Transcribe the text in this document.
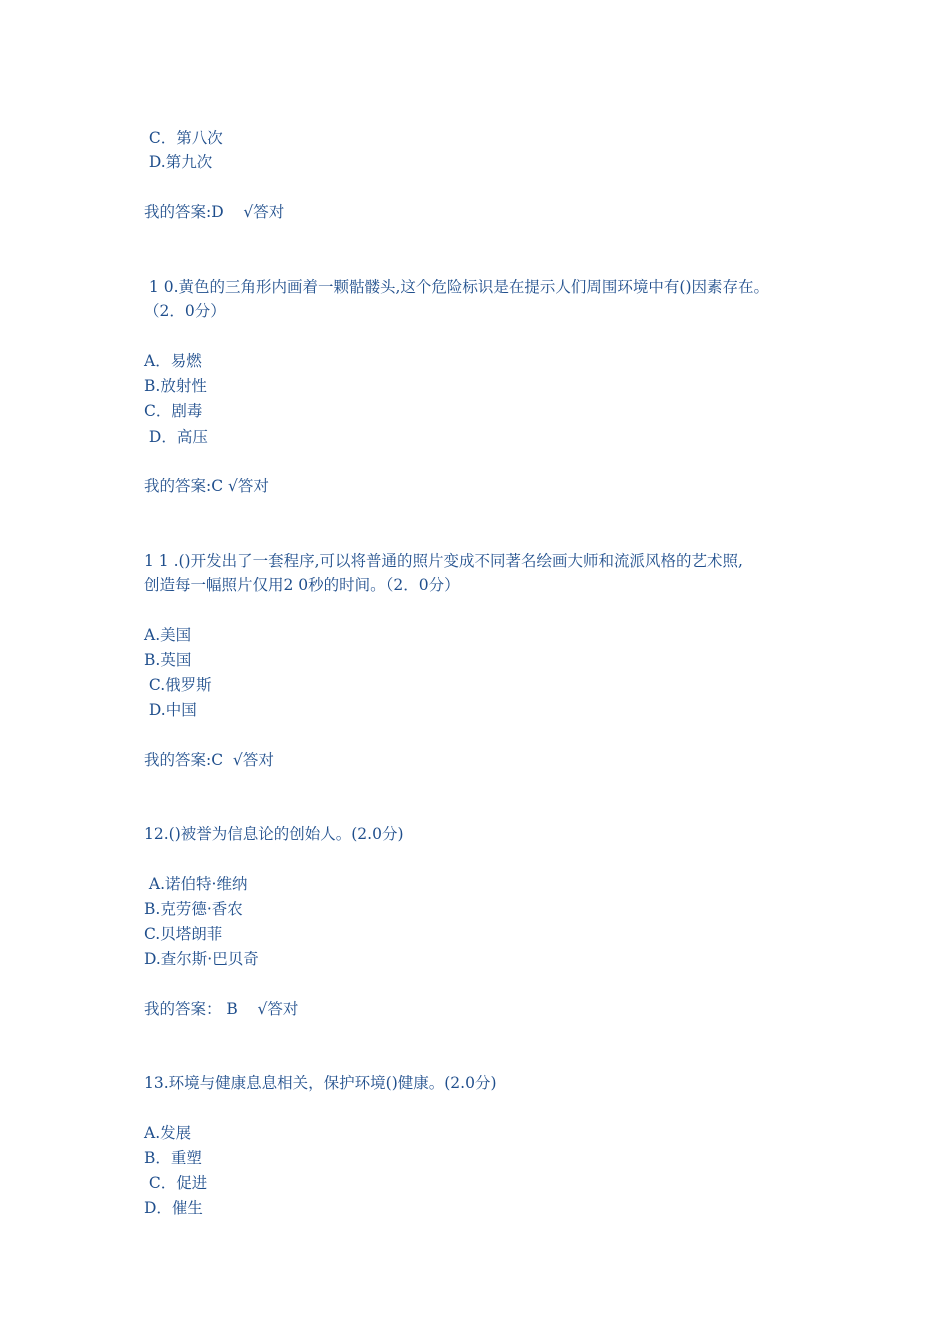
C．第八次

D.第九次

我的答案:D    √答对

1 0.黄色的三角形内画着一颗骷髅头,这个危险标识是在提示人们周围环境中有()因素存在。

（2．0分）

A．易燃

B.放射性

C．剧毒

D．高压

我的答案:C √答对

1 1 .()开发出了一套程序,可以将普通的照片变成不同著名绘画大师和流派风格的艺术照,

创造每一幅照片仅用2 0秒的时间。（2．0分）

A.美国

B.英国

C.俄罗斯

D.中国

我的答案:C  √答对

12.()被誉为信息论的创始人。(2.0分)

A.诺伯特·维纳

B.克劳德·香农

C.贝塔朗菲

D.查尔斯·巴贝奇

我的答案： B    √答对

13.环境与健康息息相关，保护环境()健康。(2.0分)

A.发展

B．重塑

C．促进

D．催生
